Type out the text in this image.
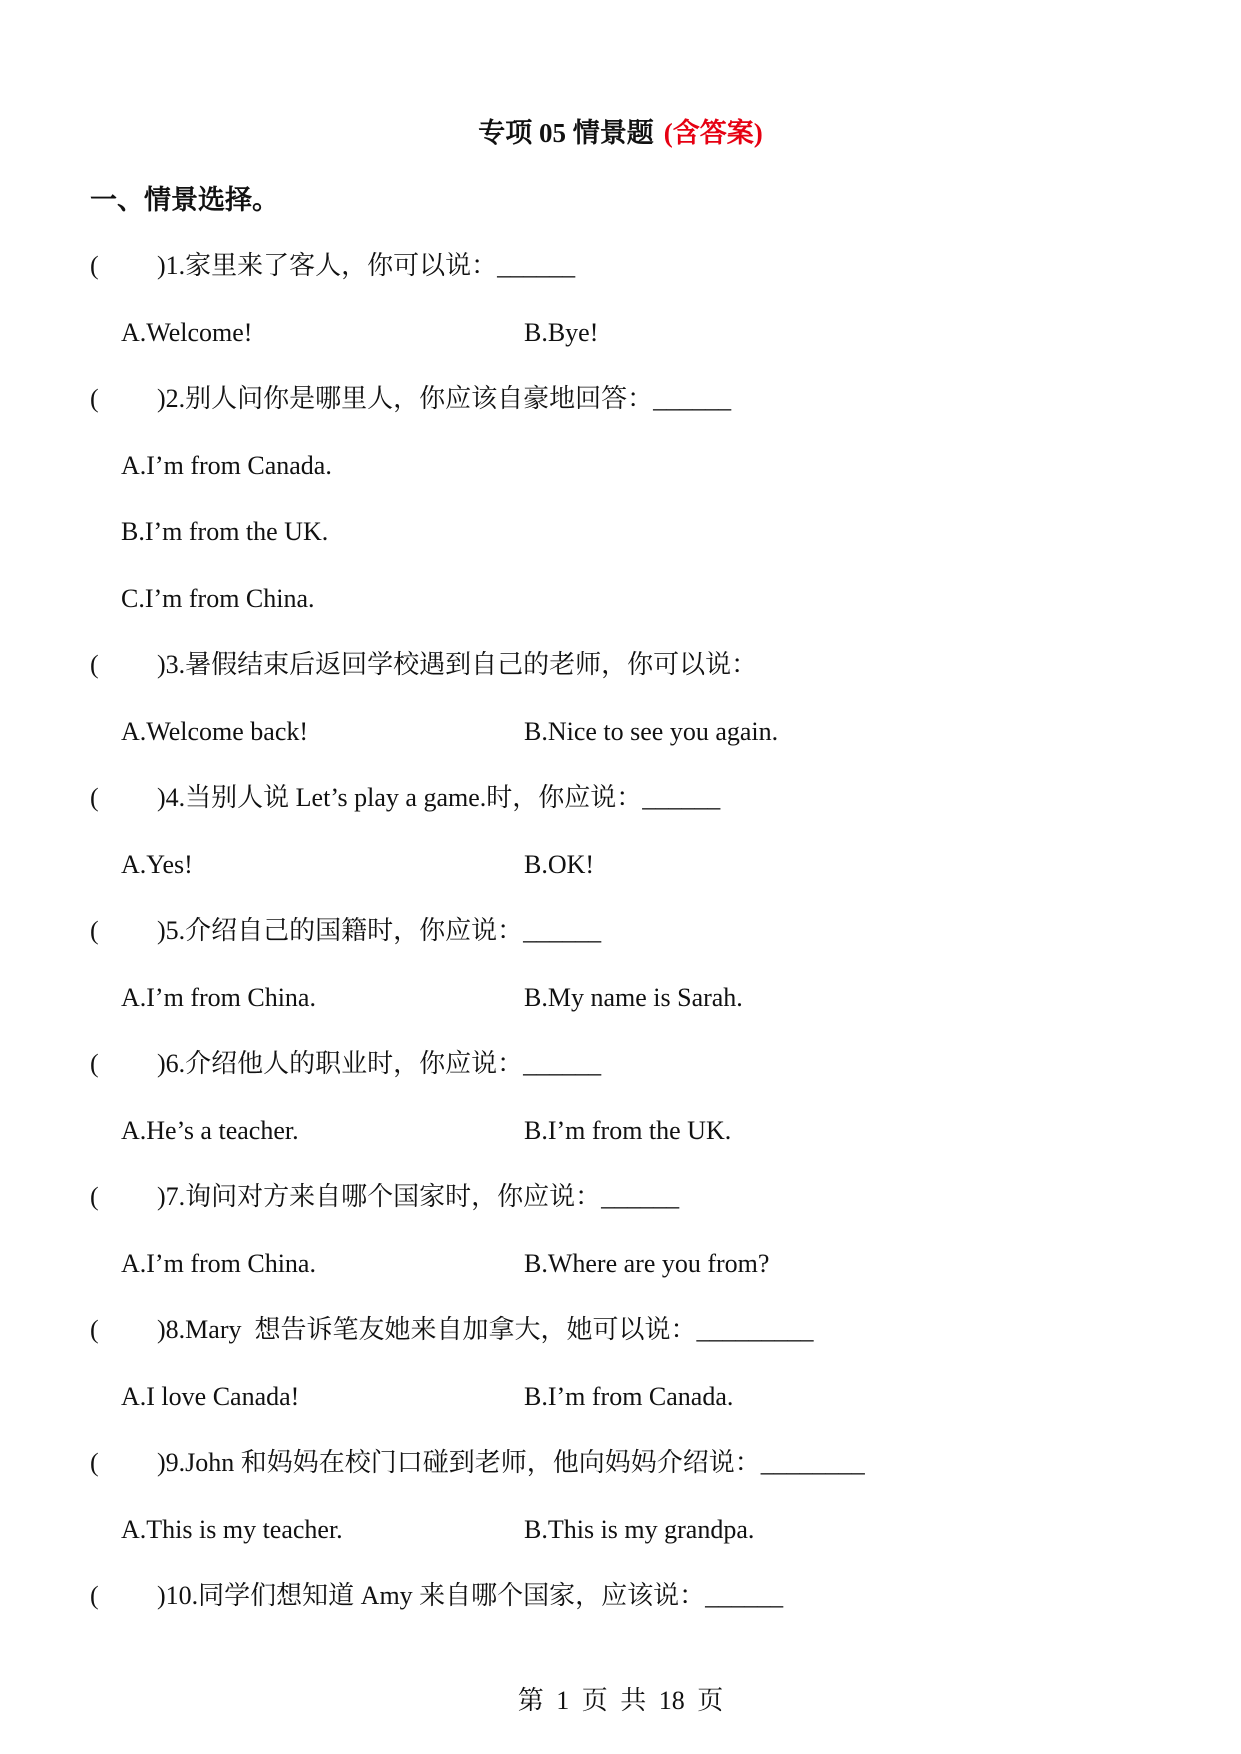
专项 05 情景题 (含答案)
一、情景选择。
(	) 1.家里来了客人，你可以说：______
A.Welcome!	B.Bye!
(	) 2.别人问你是哪里人，你应该自豪地回答：______
A.I’m from Canada.
B.I’m from the UK.
C.I’m from China.
(	) 3.暑假结束后返回学校遇到自己的老师，你可以说：
A.Welcome back!	B.Nice to see you again.
(	) 4.当别人说 Let’s play a game.时，你应说：______
A.Yes!	B.OK!
(	) 5.介绍自己的国籍时，你应说：______
A.I’m from China.	B.My name is Sarah.
(	) 6.介绍他人的职业时，你应说：______
A.He’s a teacher.	B.I’m from the UK.
(	) 7.询问对方来自哪个国家时，你应说：______
A.I’m from China.	B.Where are you from?
(	) 8.Mary  想告诉笔友她来自加拿大，她可以说：_________
A.I love Canada!	B.I’m from Canada.
(	) 9.John 和妈妈在校门口碰到老师，他向妈妈介绍说：________
A.This is my teacher.	B.This is my grandpa.
(	) 10.同学们想知道 Amy 来自哪个国家，应该说：______
第 1 页 共 18 页
